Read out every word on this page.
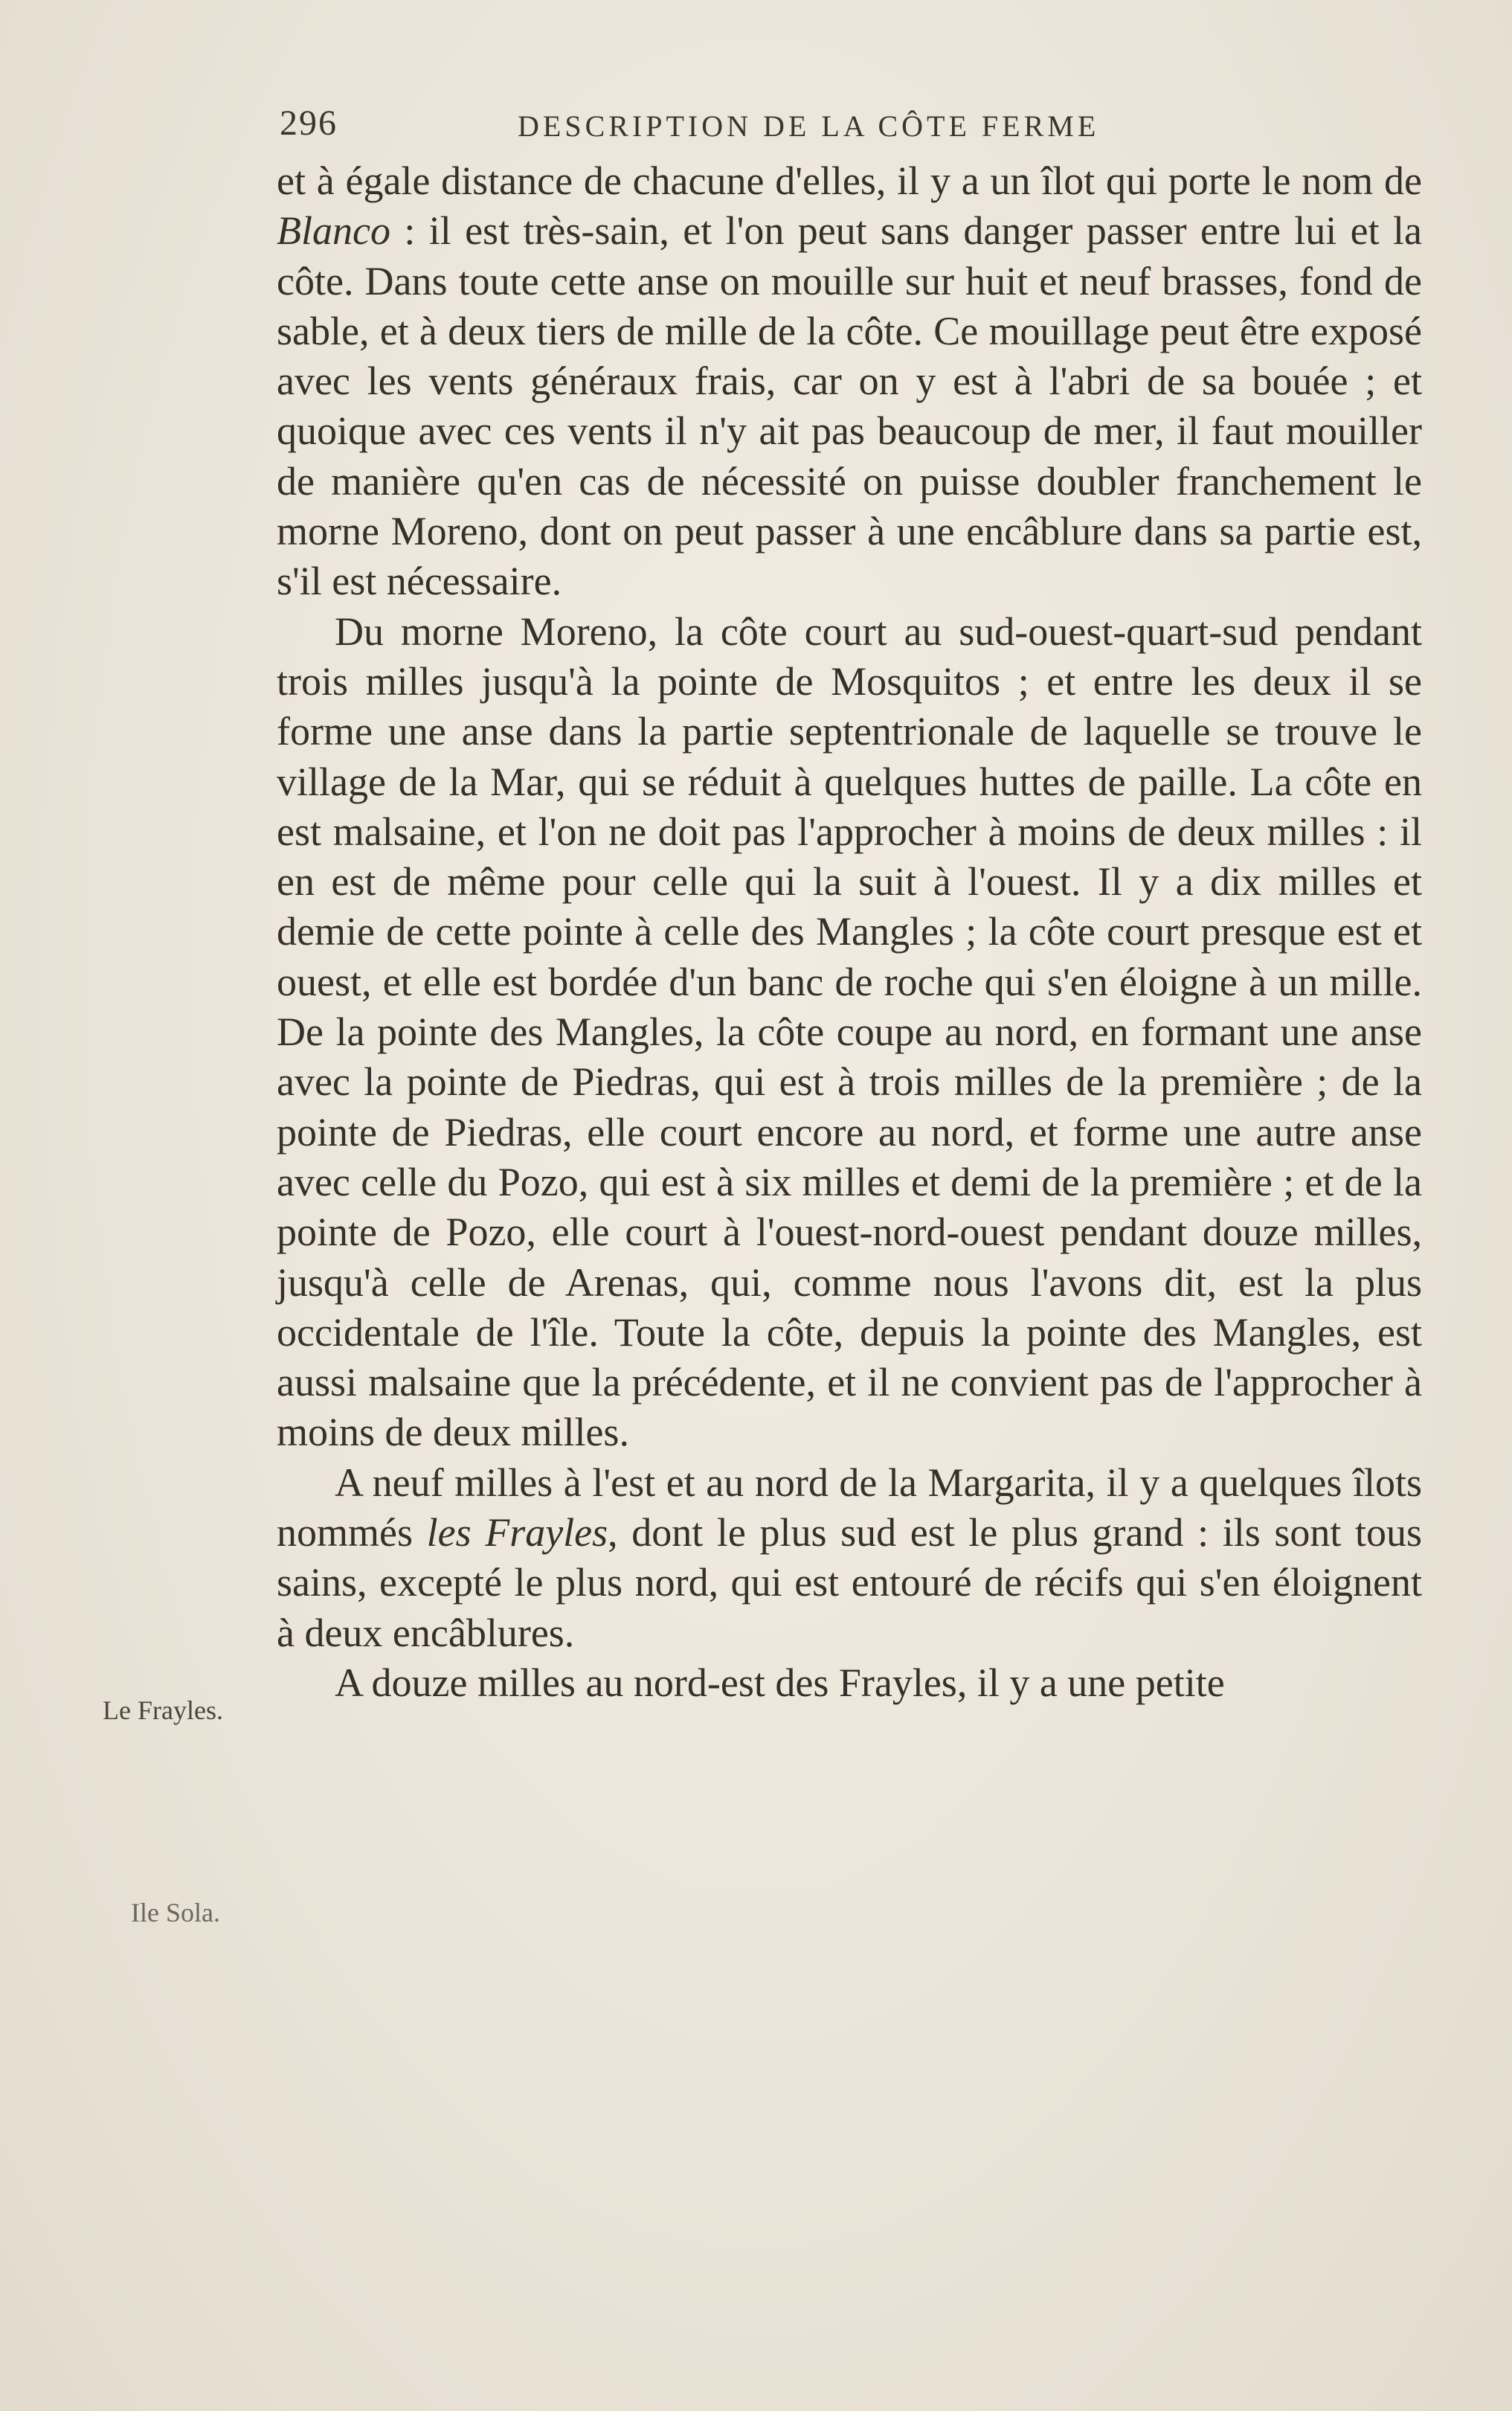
296	DESCRIPTION DE LA CÔTE FERME

et à égale distance de chacune d'elles, il y a un îlot qui porte le nom de Blanco : il est très-sain, et l'on peut sans danger passer entre lui et la côte. Dans toute cette anse on mouille sur huit et neuf brasses, fond de sable, et à deux tiers de mille de la côte. Ce mouillage peut être exposé avec les vents généraux frais, car on y est à l'abri de sa bouée ; et quoique avec ces vents il n'y ait pas beaucoup de mer, il faut mouiller de manière qu'en cas de nécessité on puisse doubler franchement le morne Moreno, dont on peut passer à une encâblure dans sa partie est, s'il est nécessaire.

Du morne Moreno, la côte court au sud-ouest-quart-sud pendant trois milles jusqu'à la pointe de Mosquitos ; et entre les deux il se forme une anse dans la partie septentrionale de laquelle se trouve le village de la Mar, qui se réduit à quelques huttes de paille. La côte en est malsaine, et l'on ne doit pas l'approcher à moins de deux milles : il en est de même pour celle qui la suit à l'ouest. Il y a dix milles et demie de cette pointe à celle des Mangles ; la côte court presque est et ouest, et elle est bordée d'un banc de roche qui s'en éloigne à un mille. De la pointe des Mangles, la côte coupe au nord, en formant une anse avec la pointe de Piedras, qui est à trois milles de la première ; de la pointe de Piedras, elle court encore au nord, et forme une autre anse avec celle du Pozo, qui est à six milles et demi de la première ; et de la pointe de Pozo, elle court à l'ouest-nord-ouest pendant douze milles, jusqu'à celle de Arenas, qui, comme nous l'avons dit, est la plus occidentale de l'île. Toute la côte, depuis la pointe des Mangles, est aussi malsaine que la précédente, et il ne convient pas de l'approcher à moins de deux milles.

A neuf milles à l'est et au nord de la Margarita, il y a quelques îlots nommés les Frayles, dont le plus sud est le plus grand : ils sont tous sains, excepté le plus nord, qui est entouré de récifs qui s'en éloignent à deux encâblures.

A douze milles au nord-est des Frayles, il y a une petite

Le Frayles.
Ile Sola.
